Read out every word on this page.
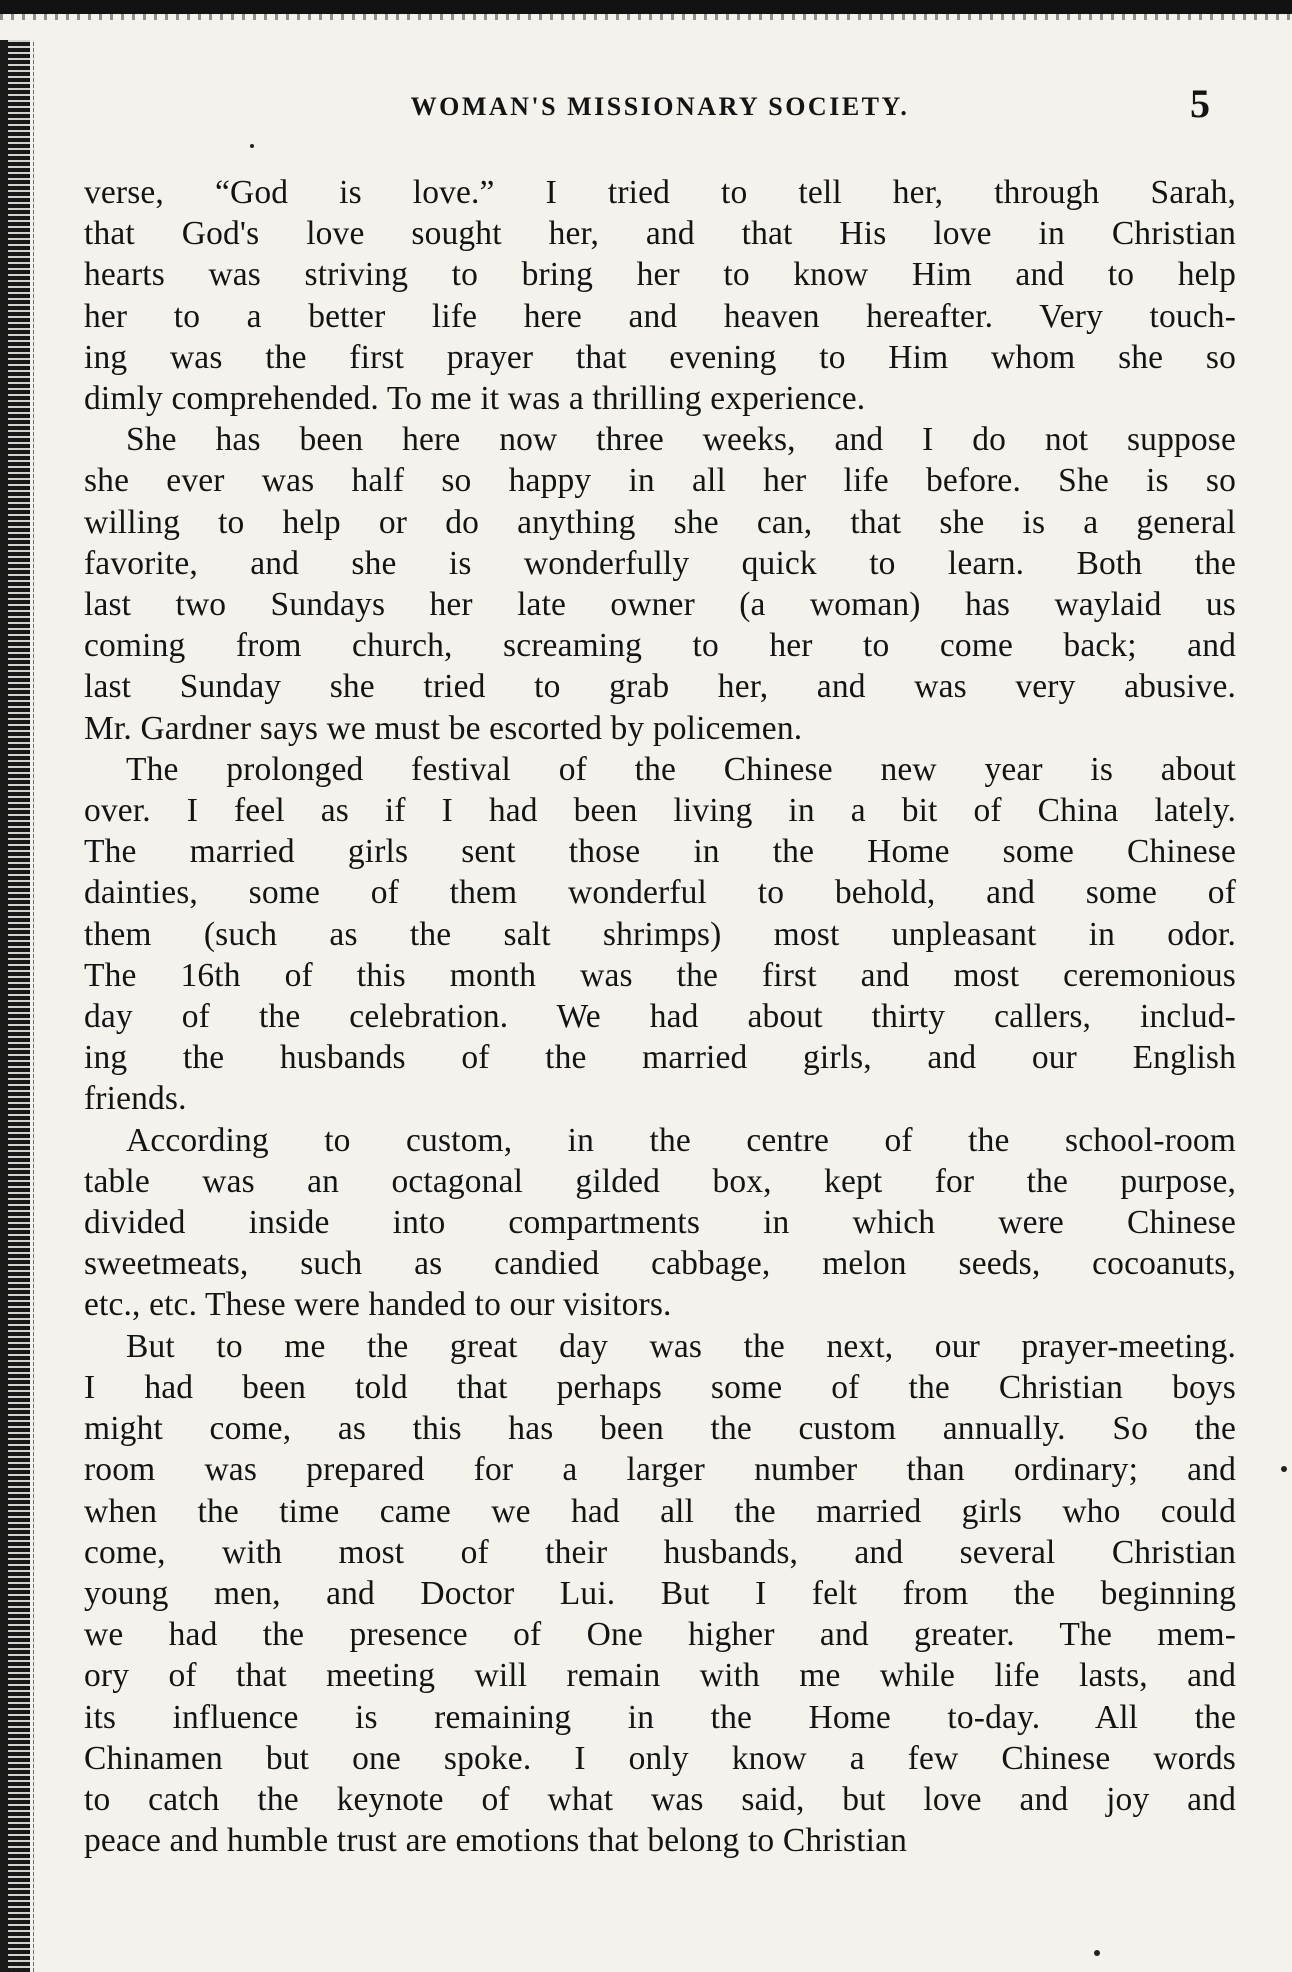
WOMAN'S MISSIONARY SOCIETY.	5

verse, “God is love.” I tried to tell her, through Sarah,
that God's love sought her, and that His love in Christian
hearts was striving to bring her to know Him and to help
her to a better life here and heaven hereafter. Very touch-
ing was the first prayer that evening to Him whom she so
dimly comprehended. To me it was a thrilling experience.

She has been here now three weeks, and I do not suppose
she ever was half so happy in all her life before. She is so
willing to help or do anything she can, that she is a general
favorite, and she is wonderfully quick to learn. Both the
last two Sundays her late owner (a woman) has waylaid us
coming from church, screaming to her to come back; and
last Sunday she tried to grab her, and was very abusive.
Mr. Gardner says we must be escorted by policemen.

The prolonged festival of the Chinese new year is about
over. I feel as if I had been living in a bit of China lately.
The married girls sent those in the Home some Chinese
dainties, some of them wonderful to behold, and some of
them (such as the salt shrimps) most unpleasant in odor.
The 16th of this month was the first and most ceremonious
day of the celebration. We had about thirty callers, includ-
ing the husbands of the married girls, and our English
friends.

According to custom, in the centre of the school-room
table was an octagonal gilded box, kept for the purpose,
divided inside into compartments in which were Chinese
sweetmeats, such as candied cabbage, melon seeds, cocoanuts,
etc., etc. These were handed to our visitors.

But to me the great day was the next, our prayer-meeting.
I had been told that perhaps some of the Christian boys
might come, as this has been the custom annually. So the
room was prepared for a larger number than ordinary; and
when the time came we had all the married girls who could
come, with most of their husbands, and several Christian
young men, and Doctor Lui. But I felt from the beginning
we had the presence of One higher and greater. The mem-
ory of that meeting will remain with me while life lasts, and
its influence is remaining in the Home to-day. All the
Chinamen but one spoke. I only know a few Chinese words
to catch the keynote of what was said, but love and joy and
peace and humble trust are emotions that belong to Christian
